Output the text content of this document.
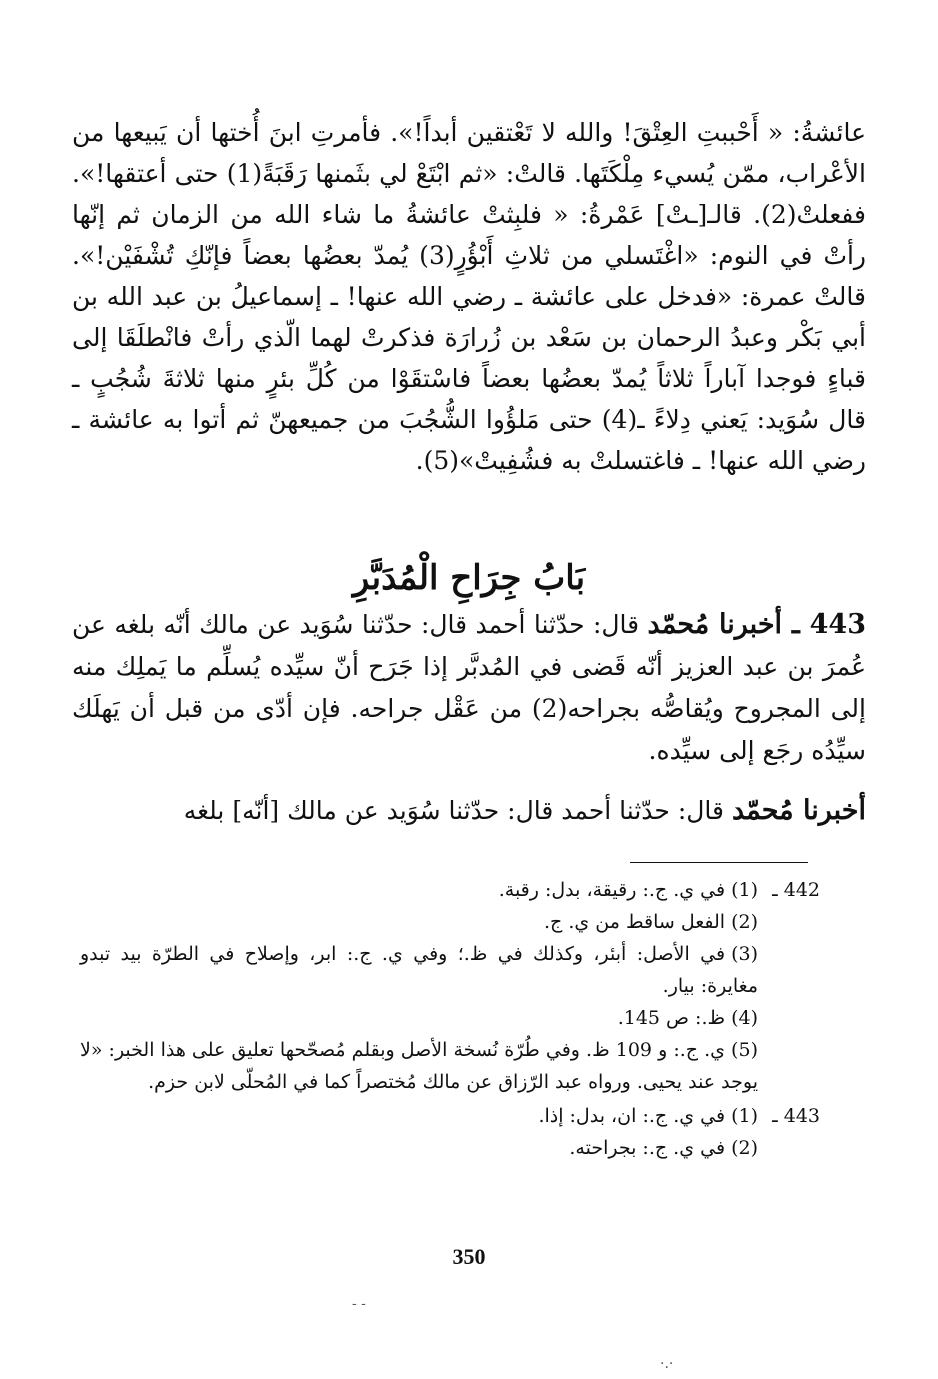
عائشةُ: « أَحْببتِ العِتْقَ! والله لا تَعْتقين أبداً!». فأمرتِ ابنَ أُختها أن يَبيعها من الأعْراب، ممّن يُسيء مِلْكَتَها. قالتْ: «ثم ابْتَعْ لي بثَمنها رَقَبَةً(1) حتى أعتقها!». ففعلتْ(2). قالـ[ـتْ] عَمْرةُ: « فلبِثتْ عائشةُ ما شاء الله من الزمان ثم إنّها رأتْ في النوم: «اغْتَسلي من ثلاثِ أَبْؤُرٍ(3) يُمدّ بعضُها بعضاً فإنّكِ تُشْفَيْن!». قالتْ عمرة: «فدخل على عائشة ـ رضي الله عنها! ـ إسماعيلُ بن عبد الله بن أبي بَكْر وعبدُ الرحمان بن سَعْد بن زُرارَة فذكرتْ لهما الّذي رأتْ فانْطلَقَا إلى قباءٍ فوجدا آباراً ثلاثاً يُمدّ بعضُها بعضاً فاسْتقَوْا من كُلِّ بئرٍ منها ثلاثةَ شُجُبٍ ـ قال سُوَيد: يَعني دِلاءً ـ(4) حتى مَلؤُوا الشُّجُبَ من جميعهنّ ثم أتوا به عائشة ـ رضي الله عنها! ـ فاغتسلتْ به فشُفِيتْ»(5).
بَابُ جِرَاحِ الْمُدَبَّرِ
443 ـ أخبرنا مُحمّد قال: حدّثنا أحمد قال: حدّثنا سُوَيد عن مالك أنّه بلغه عن عُمرَ بن عبد العزيز أنّه قَضى في المُدبَّر إذا جَرَح أنّ سيِّده يُسلِّم ما يَملِك منه إلى المجروح ويُقاصُّه بجراحه(2) من عَقْل جراحه. فإن أدّى من قبل أن يَهلَك سيِّدُه رجَع إلى سيِّده.
أخبرنا مُحمّد قال: حدّثنا أحمد قال: حدّثنا سُوَيد عن مالك [أنّه] بلغه
442 ـ
(1)في ي. ج.: رقيقة، بدل: رقبة.
(2)الفعل ساقط من ي. ج.
(3)في الأصل: أبئر، وكذلك في ظ.؛ وفي ي. ج.: ابر، وإصلاح في الطرّة بيد تبدو مغايرة: بيار.
(4)ظ.: ص 145.
(5)ي. ج.: و 109 ظ. وفي طُرّة نُسخة الأصل وبقلم مُصحّحها تعليق على هذا الخبر: «لا يوجد عند يحيى. ورواه عبد الرّزاق عن مالك مُختصراً كما في المُحلّى لابن حزم.
443 ـ
(1)في ي. ج.: ان، بدل: إذا.
(2)في ي. ج.: بجراحته.
350
- -
·.·
